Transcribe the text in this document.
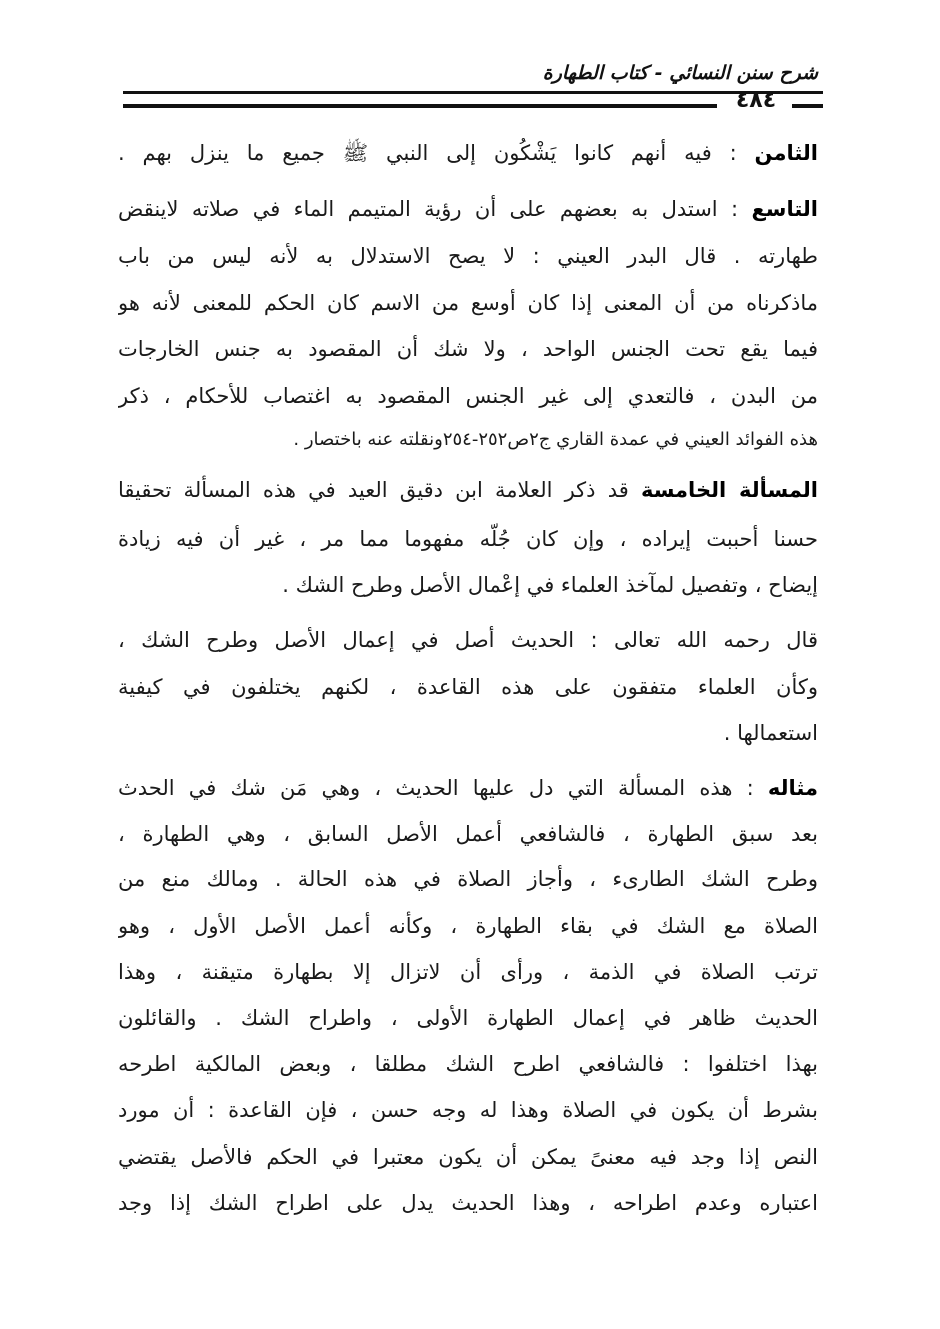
شرح سنن النسائي - كتاب الطهارة
٤٨٤
الثامن : فيه أنهم كانوا يَشْكُون إلى النبي ﷺ جميع ما ينزل بهم .
التاسع : استدل به بعضهم على أن رؤية المتيمم الماء في صلاته لاينقض
طهارته . قال البدر العيني : لا يصح الاستدلال به لأنه ليس من باب
ماذكرناه من أن المعنى إذا كان أوسع من الاسم كان الحكم للمعنى لأنه هو
فيما يقع تحت الجنس الواحد ، ولا شك أن المقصود به جنس الخارجات
من البدن ، فالتعدي إلى غير الجنس المقصود به اغتصاب للأحكام ، ذكر
هذه الفوائد العيني في عمدة القاري ج٢ص٢٥٢-٢٥٤ونقلته عنه باختصار .
المسألة الخامسة قد ذكر العلامة ابن دقيق العيد في هذه المسألة تحقيقا
حسنا أحببت إيراده ، وإن كان جُلّه مفهوما مما مر ، غير أن فيه زيادة
إيضاح ، وتفصيل لمآخذ العلماء في إعْمال الأصل وطرح الشك .
قال رحمه الله تعالى : الحديث أصل في إعمال الأصل وطرح الشك ،
وكأن العلماء متفقون على هذه القاعدة ، لكنهم يختلفون في كيفية
استعمالها .
مثاله : هذه المسألة التي دل عليها الحديث ، وهي مَن شك في الحدث
بعد سبق الطهارة ، فالشافعي أعمل الأصل السابق ، وهي الطهارة ،
وطرح الشك الطارىء ، وأجاز الصلاة في هذه الحالة . ومالك منع من
الصلاة مع الشك في بقاء الطهارة ، وكأنه أعمل الأصل الأول ، وهو
ترتب الصلاة في الذمة ، ورأى أن لاتزال إلا بطهارة متيقنة ، وهذا
الحديث ظاهر في إعمال الطهارة الأولى ، واطراح الشك . والقائلون
بهذا اختلفوا : فالشافعي اطرح الشك مطلقا ، وبعض المالكية اطرحه
بشرط أن يكون في الصلاة وهذا له وجه حسن ، فإن القاعدة : أن مورد
النص إذا وجد فيه معنىً يمكن أن يكون معتبرا في الحكم فالأصل يقتضي
اعتباره وعدم اطراحه ، وهذا الحديث يدل على اطراح الشك إذا وجد
